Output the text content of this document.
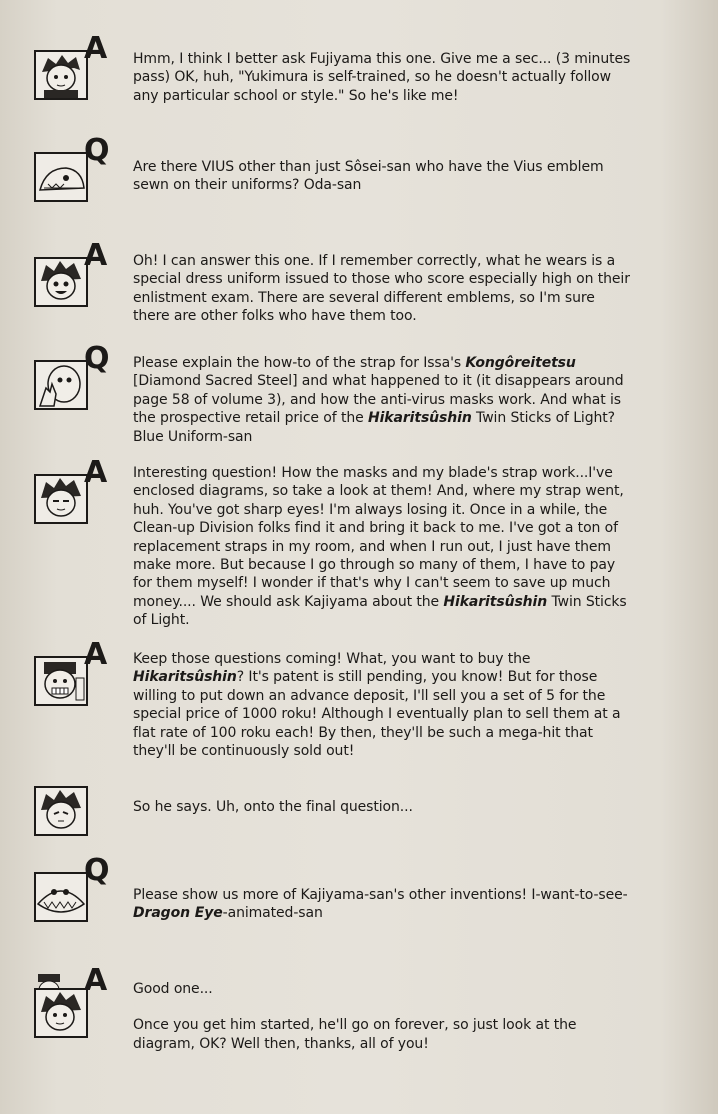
A Hmm, I think I better ask Fujiyama this one. Give me a sec... (3 minutes pass) OK, huh, "Yukimura is self-trained, so he doesn't actually follow any particular school or style." So he's like me!

Q Are there VIUS other than just Sôsei-san who have the Vius emblem sewn on their uniforms? Oda-san

A Oh! I can answer this one. If I remember correctly, what he wears is a special dress uniform issued to those who score especially high on their enlistment exam. There are several different emblems, so I'm sure there are other folks who have them too.

Q Please explain the how-to of the strap for Issa's Kongôreitetsu [Diamond Sacred Steel] and what happened to it (it disappears around page 58 of volume 3), and how the anti-virus masks work. And what is the prospective retail price of the Hikaritsûshin Twin Sticks of Light? Blue Uniform-san

A Interesting question! How the masks and my blade's strap work...I've enclosed diagrams, so take a look at them! And, where my strap went, huh. You've got sharp eyes! I'm always losing it. Once in a while, the Clean-up Division folks find it and bring it back to me. I've got a ton of replacement straps in my room, and when I run out, I just have them make more. But because I go through so many of them, I have to pay for them myself! I wonder if that's why I can't seem to save up much money.... We should ask Kajiyama about the Hikaritsûshin Twin Sticks of Light.

A Keep those questions coming! What, you want to buy the Hikaritsûshin? It's patent is still pending, you know! But for those willing to put down an advance deposit, I'll sell you a set of 5 for the special price of 1000 roku! Although I eventually plan to sell them at a flat rate of 100 roku each! By then, they'll be such a mega-hit that they'll be continuously sold out!

So he says. Uh, onto the final question...

Q

Please show us more of Kajiyama-san's other inventions! I-want-to-see-Dragon Eye-animated-san

A Good one...

Once you get him started, he'll go on forever, so just look at the diagram, OK? Well then, thanks, all of you!
